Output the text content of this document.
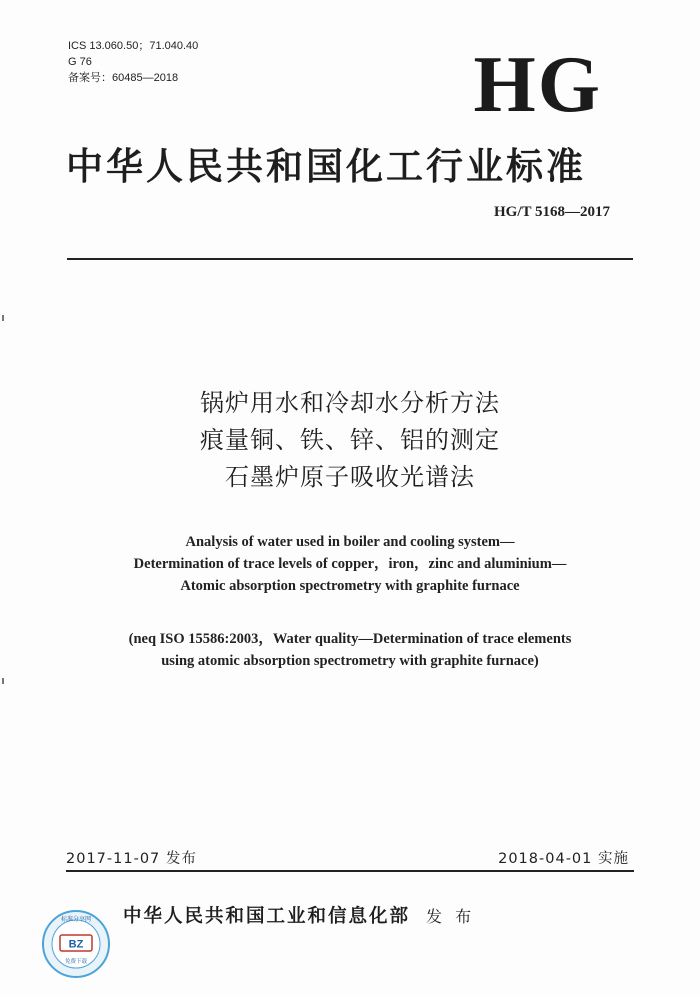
ICS 13.060.50；71.040.40
G 76
备案号：60485—2018	HG
中华人民共和国化工行业标准
HG/T 5168—2017
锅炉用水和冷却水分析方法
痕量铜、铁、锌、铝的测定
石墨炉原子吸收光谱法
Analysis of water used in boiler and cooling system—
Determination of trace levels of copper，iron，zinc and aluminium—
Atomic absorption spectrometry with graphite furnace
(neq ISO 15586:2003，Water quality—Determination of trace elements
using atomic absorption spectrometry with graphite furnace)
2017-11-07 发布	2018-04-01 实施
BZ
标准分享网
免费下载
中华人民共和国工业和信息化部 发 布
